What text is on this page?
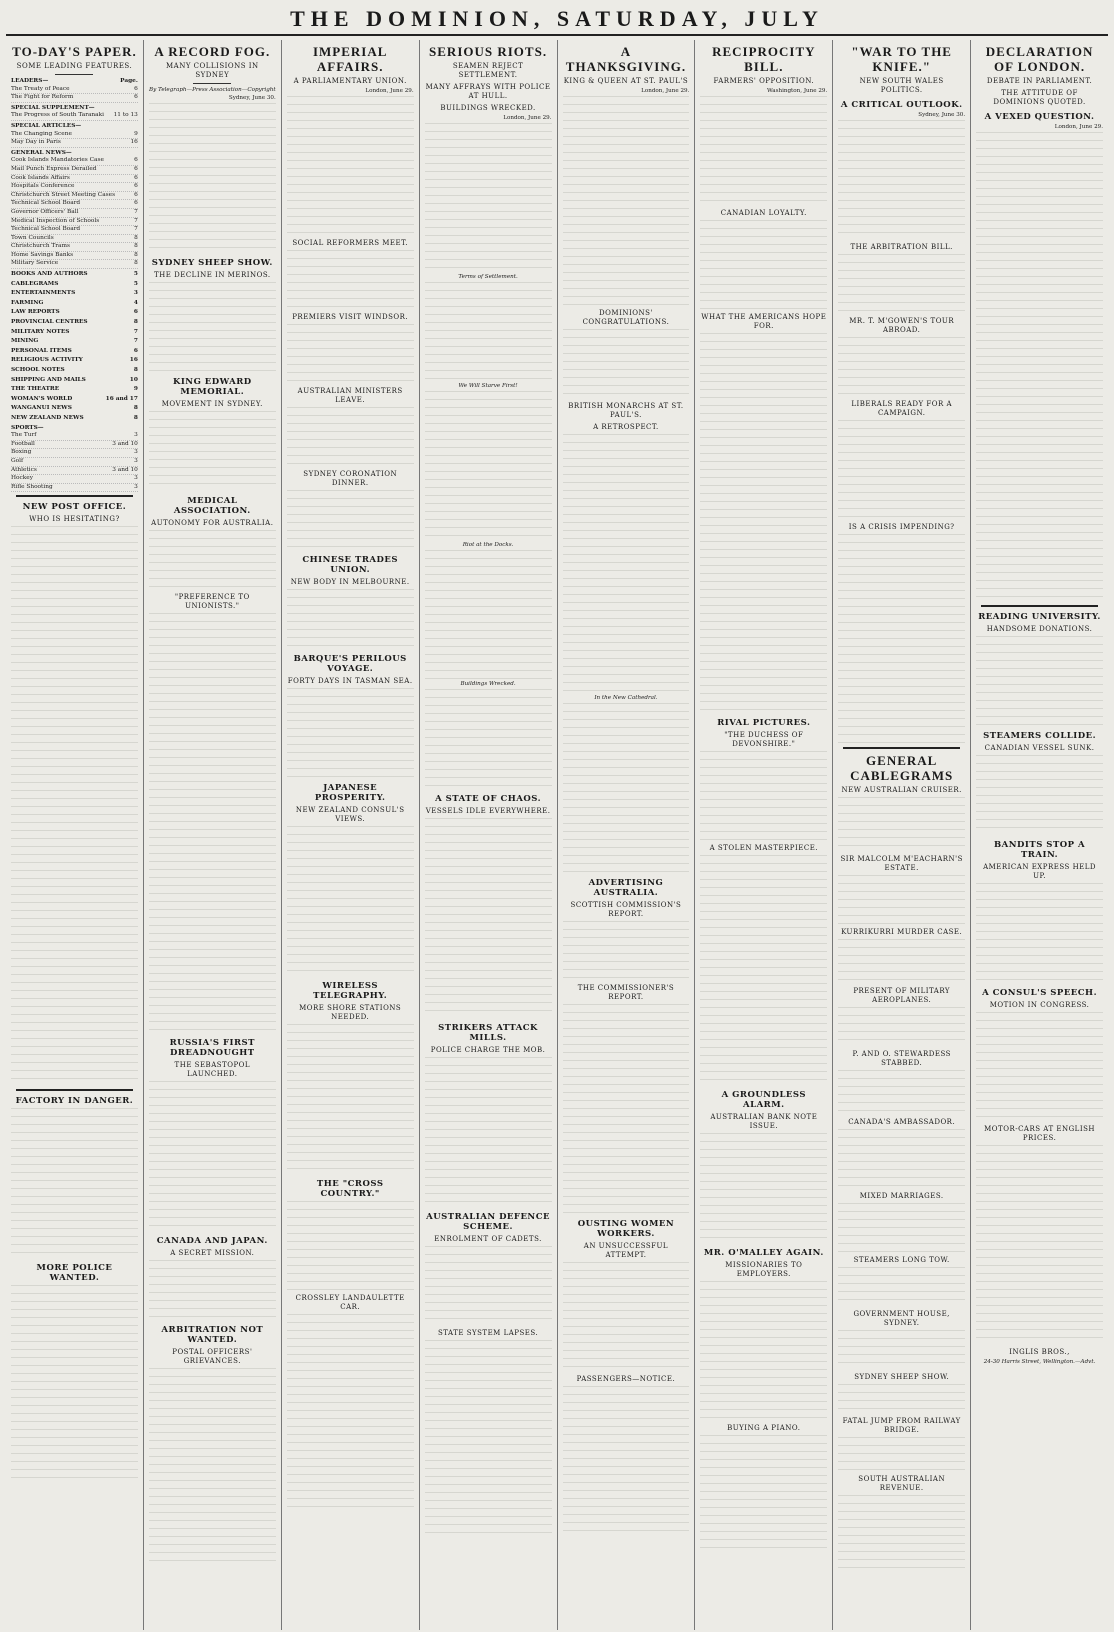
THE DOMINION, SATURDAY, JULY
TO-DAY'S PAPER.
SOME LEADING FEATURES.
LEADERS—	Page.
The Treaty of Peace	6
The Fight for Reform	6
SPECIAL SUPPLEMENT—
The Progress of South Taranaki	11 to 13
SPECIAL ARTICLES—
The Changing Scene	9
May Day in Paris	16
GENERAL NEWS—
Cook Islands Mandatories Case	6
Mail Punch Express Derailed	6
Cook Islands Affairs	6
Hospitals Conference	6
Christchurch Street Meeting Cases	6
Technical School Board	6
Governor Officers' Ball	7
Medical Inspection of Schools	7
Technical School Board	7
Town Councils	8
Christchurch Trams	8
Home Savings Banks	8
Military Service	8
BOOKS AND AUTHORS	5
CABLEGRAMS	5
ENTERTAINMENTS	3
FARMING	4
LAW REPORTS	6
PROVINCIAL CENTRES	8
MILITARY NOTES	7
MINING	7
PERSONAL ITEMS	6
RELIGIOUS ACTIVITY	16
SCHOOL NOTES	8
SHIPPING AND MAILS	10
THE THEATRE	9
WOMAN'S WORLD	16 and 17
WANGANUI NEWS	8
NEW ZEALAND NEWS	8
SPORTS—
The Turf	3
Football	3 and 10
Boxing	3
Golf	3
Athletics	3 and 10
Hockey	3
Rifle Shooting	3
NEW POST OFFICE.
WHO IS HESITATING?
FACTORY IN DANGER.
MORE POLICE WANTED.
A RECORD FOG.
MANY COLLISIONS IN SYDNEY
By Telegraph—Press Association—Copyright
Sydney, June 30.
SYDNEY SHEEP SHOW.
THE DECLINE IN MERINOS.
KING EDWARD MEMORIAL.
MOVEMENT IN SYDNEY.
MEDICAL ASSOCIATION.
AUTONOMY FOR AUSTRALIA.
"PREFERENCE TO UNIONISTS."
RUSSIA'S FIRST DREADNOUGHT
THE SEBASTOPOL LAUNCHED.
CANADA AND JAPAN.
A SECRET MISSION.
ARBITRATION NOT WANTED.
POSTAL OFFICERS' GRIEVANCES.
IMPERIAL AFFAIRS.
A PARLIAMENTARY UNION.
London, June 29.
SOCIAL REFORMERS MEET.
PREMIERS VISIT WINDSOR.
AUSTRALIAN MINISTERS LEAVE.
SYDNEY CORONATION DINNER.
CHINESE TRADES UNION.
NEW BODY IN MELBOURNE.
BARQUE'S PERILOUS VOYAGE.
FORTY DAYS IN TASMAN SEA.
JAPANESE PROSPERITY.
NEW ZEALAND CONSUL'S VIEWS.
WIRELESS TELEGRAPHY.
MORE SHORE STATIONS NEEDED.
THE "CROSS COUNTRY."
CROSSLEY LANDAULETTE CAR.
SERIOUS RIOTS.
SEAMEN REJECT SETTLEMENT.
MANY AFFRAYS WITH POLICE AT HULL.
BUILDINGS WRECKED.
London, June 29.
Terms of Settlement.
We Will Starve First!
Riot at the Docks.
Buildings Wrecked.
A STATE OF CHAOS.
VESSELS IDLE EVERYWHERE.
STRIKERS ATTACK MILLS.
POLICE CHARGE THE MOB.
AUSTRALIAN DEFENCE SCHEME.
ENROLMENT OF CADETS.
STATE SYSTEM LAPSES.
A THANKSGIVING.
KING & QUEEN AT ST. PAUL'S
London, June 29.
DOMINIONS' CONGRATULATIONS.
BRITISH MONARCHS AT ST. PAUL'S.
A RETROSPECT.
In the New Cathedral.
ADVERTISING AUSTRALIA.
SCOTTISH COMMISSION'S REPORT.
THE COMMISSIONER'S REPORT.
OUSTING WOMEN WORKERS.
AN UNSUCCESSFUL ATTEMPT.
PASSENGERS—NOTICE.
RECIPROCITY BILL.
FARMERS' OPPOSITION.
Washington, June 29.
CANADIAN LOYALTY.
WHAT THE AMERICANS HOPE FOR.
RIVAL PICTURES.
"THE DUCHESS OF DEVONSHIRE."
A STOLEN MASTERPIECE.
A GROUNDLESS ALARM.
AUSTRALIAN BANK NOTE ISSUE.
MR. O'MALLEY AGAIN.
MISSIONARIES TO EMPLOYERS.
BUYING A PIANO.
"WAR TO THE KNIFE."
NEW SOUTH WALES POLITICS.
A CRITICAL OUTLOOK.
Sydney, June 30.
THE ARBITRATION BILL.
MR. T. M'GOWEN'S TOUR ABROAD.
LIBERALS READY FOR A CAMPAIGN.
IS A CRISIS IMPENDING?
GENERAL CABLEGRAMS
NEW AUSTRALIAN CRUISER.
SIR MALCOLM M'EACHARN'S ESTATE.
KURRIKURRI MURDER CASE.
PRESENT OF MILITARY AEROPLANES.
P. AND O. STEWARDESS STABBED.
CANADA'S AMBASSADOR.
MIXED MARRIAGES.
STEAMERS LONG TOW.
GOVERNMENT HOUSE, SYDNEY.
SYDNEY SHEEP SHOW.
FATAL JUMP FROM RAILWAY BRIDGE.
SOUTH AUSTRALIAN REVENUE.
DECLARATION OF LONDON.
DEBATE IN PARLIAMENT.
THE ATTITUDE OF DOMINIONS QUOTED.
A VEXED QUESTION.
London, June 29.
READING UNIVERSITY.
HANDSOME DONATIONS.
STEAMERS COLLIDE.
CANADIAN VESSEL SUNK.
BANDITS STOP A TRAIN.
AMERICAN EXPRESS HELD UP.
A CONSUL'S SPEECH.
MOTION IN CONGRESS.
MOTOR-CARS AT ENGLISH PRICES.
INGLIS BROS.,
24-30 Harris Street, Wellington.—Advt.
